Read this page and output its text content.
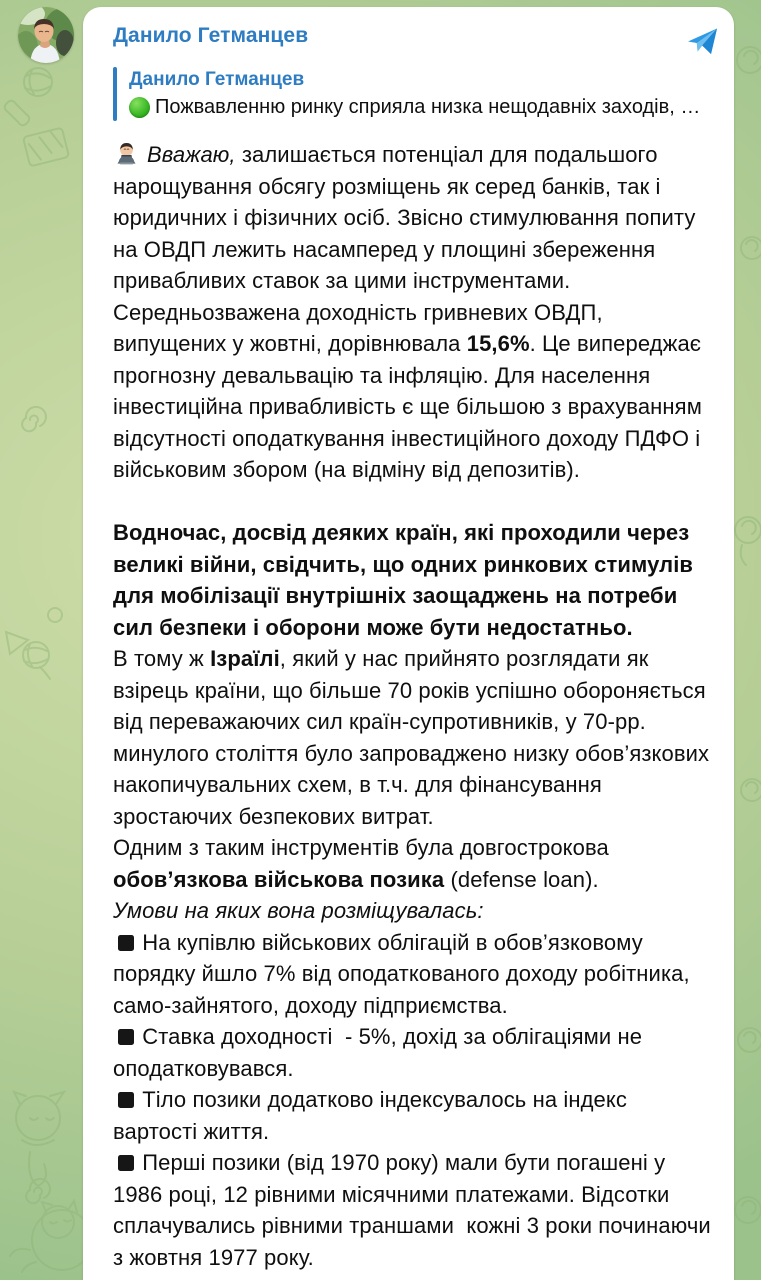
Данило Гетманцев
Данило Гетманцев
Пожвавленню ринку сприяла низка нещодавніх заходів, …
Вважаю, залишається потенціал для подальшого нарощування обсягу розміщень як серед банків, так і юридичних і фізичних осіб. Звісно стимулювання попиту на ОВДП лежить насамперед у площині збереження привабливих ставок за цими інструментами. Середньозважена доходність гривневих ОВДП, випущених у жовтні, дорівнювала 15,6%. Це випереджає прогнозну девальвацію та інфляцію. Для населення інвестиційна привабливість є ще більшою з врахуванням відсутності оподаткування інвестиційного доходу ПДФО і військовим збором (на відміну від депозитів).
Водночас, досвід деяких країн, які проходили через великі війни, свідчить, що одних ринкових стимулів для мобілізації внутрішніх заощаджень на потреби сил безпеки і оборони може бути недостатньо.
В тому ж Ізраїлі, який у нас прийнято розглядати як взірець країни, що більше 70 років успішно обороняється від переважаючих сил країн-супротивників, у 70-рр. минулого століття було запроваджено низку обов’язкових накопичувальних схем, в т.ч. для фінансування зростаючих безпекових витрат.
Одним з таким інструментів була довгострокова обов’язкова військова позика (defense loan).
Умови на яких вона розміщувалась:
На купівлю військових облігацій в обов’язковому порядку йшло 7% від оподаткованого доходу робітника, само-зайнятого, доходу підприємства.
Ставка доходності  - 5%, дохід за облігаціями не оподатковувався.
Тіло позики додатково індексувалось на індекс вартості життя.
Перші позики (від 1970 року) мали бути погашені у 1986 році, 12 рівними місячними платежами. Відсотки сплачувались рівними траншами  кожні 3 роки починаючи з жовтня 1977 року.
